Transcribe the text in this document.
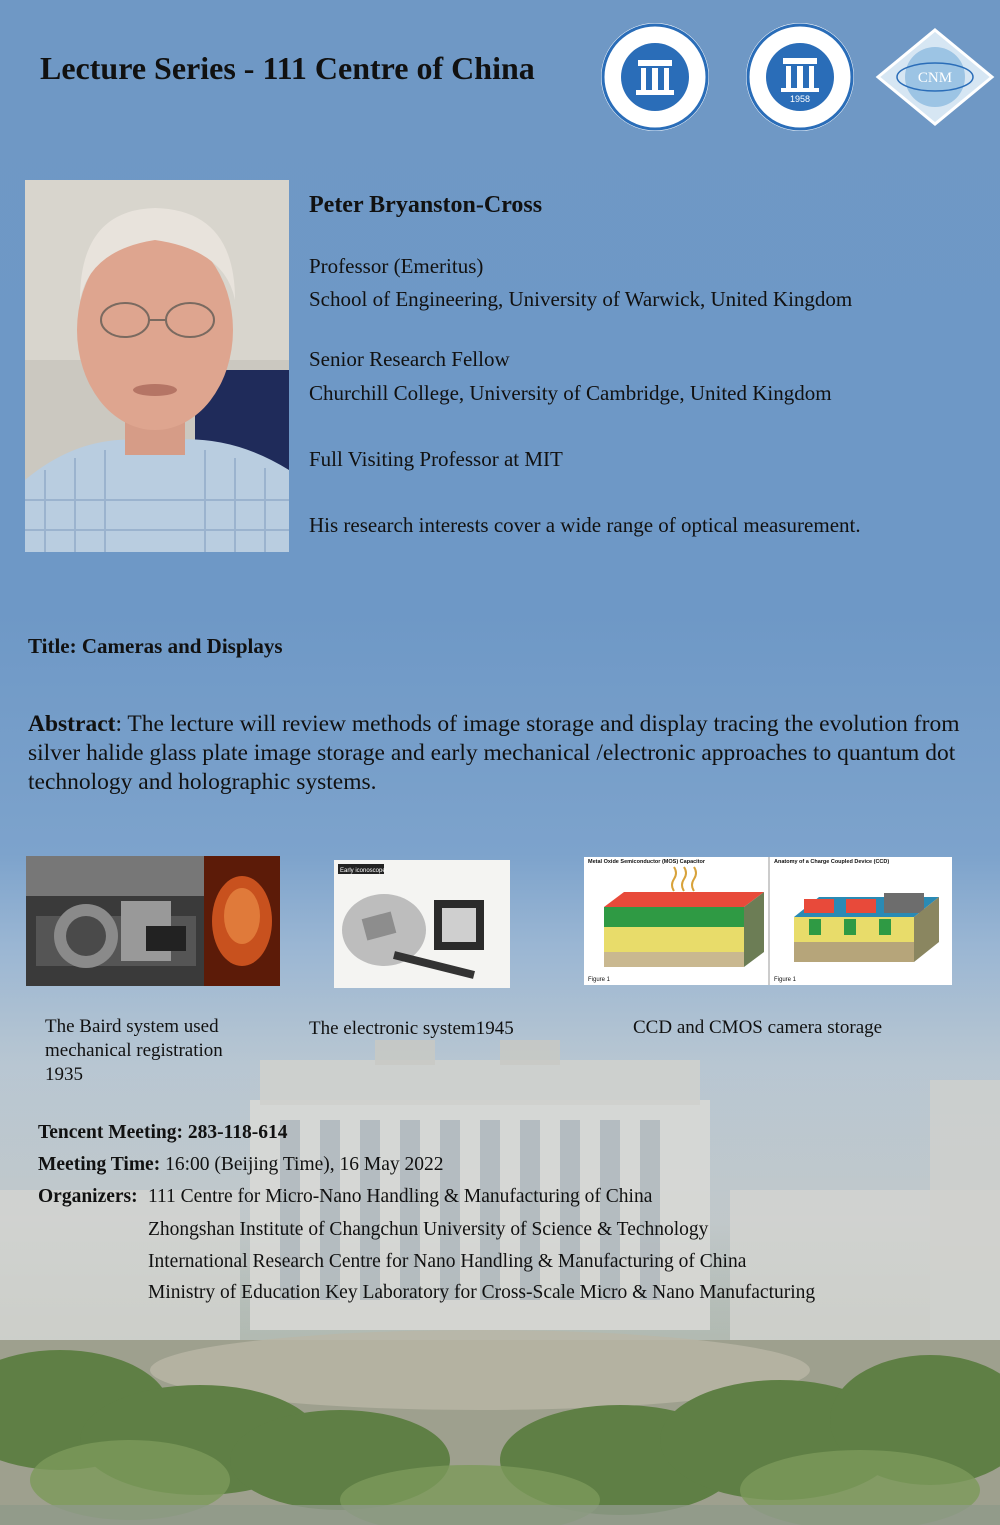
Lecture Series - 111 Centre of China
1958
CNM
Peter Bryanston-Cross
Professor (Emeritus)
School of Engineering, University of Warwick, United Kingdom
Senior Research Fellow
Churchill College, University of Cambridge, United Kingdom
Full Visiting Professor at MIT
His research interests cover a wide range of optical measurement.
Title: Cameras and Displays
Abstract: The lecture will review methods of image storage and display tracing the evolution from silver halide glass plate image storage and early mechanical /electronic approaches to quantum dot technology and holographic systems.
The Baird system used
mechanical registration
1935
Early iconoscope
The electronic system1945
Metal Oxide Semiconductor (MOS) Capacitor
Figure 1
Anatomy of a Charge Coupled Device (CCD)
Figure 1
CCD and CMOS camera storage
Tencent Meeting: 283-118-614
Meeting Time: 16:00 (Beijing Time), 16 May 2022
Organizers: 111 Centre for Micro-Nano Handling & Manufacturing of China
Zhongshan Institute of Changchun University of Science & Technology
International Research Centre for Nano Handling & Manufacturing of China
Ministry of Education Key Laboratory for Cross-Scale Micro & Nano Manufacturing
